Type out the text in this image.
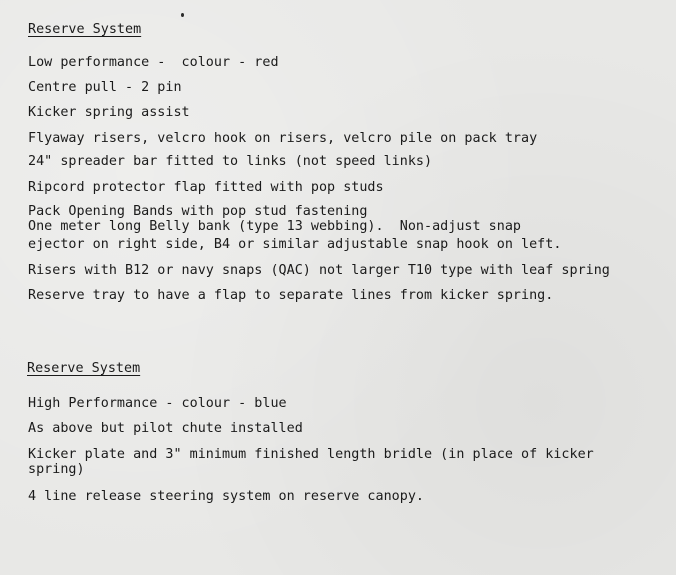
Reserve System
Low performance -  colour - red
Centre pull - 2 pin
Kicker spring assist
Flyaway risers, velcro hook on risers, velcro pile on pack tray
24" spreader bar fitted to links (not speed links)
Ripcord protector flap fitted with pop studs
Pack Opening Bands with pop stud fastening
One meter long Belly bank (type 13 webbing).  Non-adjust snap
ejector on right side, B4 or similar adjustable snap hook on left.
Risers with B12 or navy snaps (QAC) not larger T10 type with leaf spring
Reserve tray to have a flap to separate lines from kicker spring.
Reserve System
High Performance - colour - blue
As above but pilot chute installed
Kicker plate and 3" minimum finished length bridle (in place of kicker
spring)
4 line release steering system on reserve canopy.
